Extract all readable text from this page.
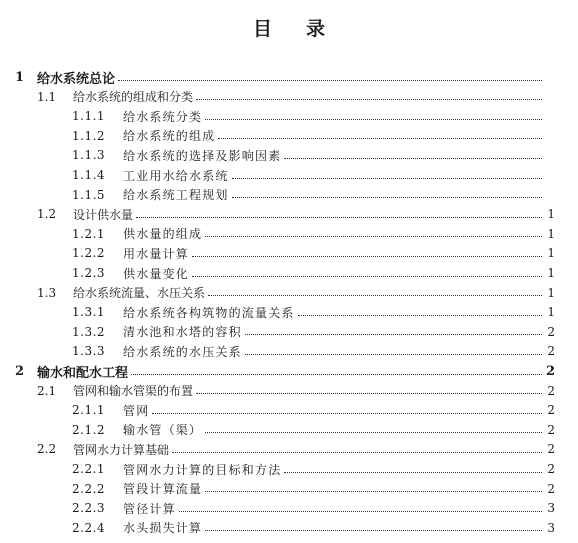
目 录
1 给水系统总论
1.1	给水系统的组成和分类
1.1.1	给水系统分类
1.1.2	给水系统的组成
1.1.3	给水系统的选择及影响因素
1.1.4	工业用水给水系统
1.1.5	给水系统工程规划
1.2	设计供水量	1
1.2.1	供水量的组成	1
1.2.2	用水量计算	1
1.2.3	供水量变化	1
1.3	给水系统流量、水压关系	1
1.3.1	给水系统各构筑物的流量关系	1
1.3.2	清水池和水塔的容积	2
1.3.3	给水系统的水压关系	2
2 输水和配水工程	2
2.1	管网和输水管渠的布置	2
2.1.1	管网	2
2.1.2	输水管（渠）	2
2.2	管网水力计算基础	2
2.2.1	管网水力计算的目标和方法	2
2.2.2	管段计算流量	2
2.2.3	管径计算	3
2.2.4	水头损失计算	3
